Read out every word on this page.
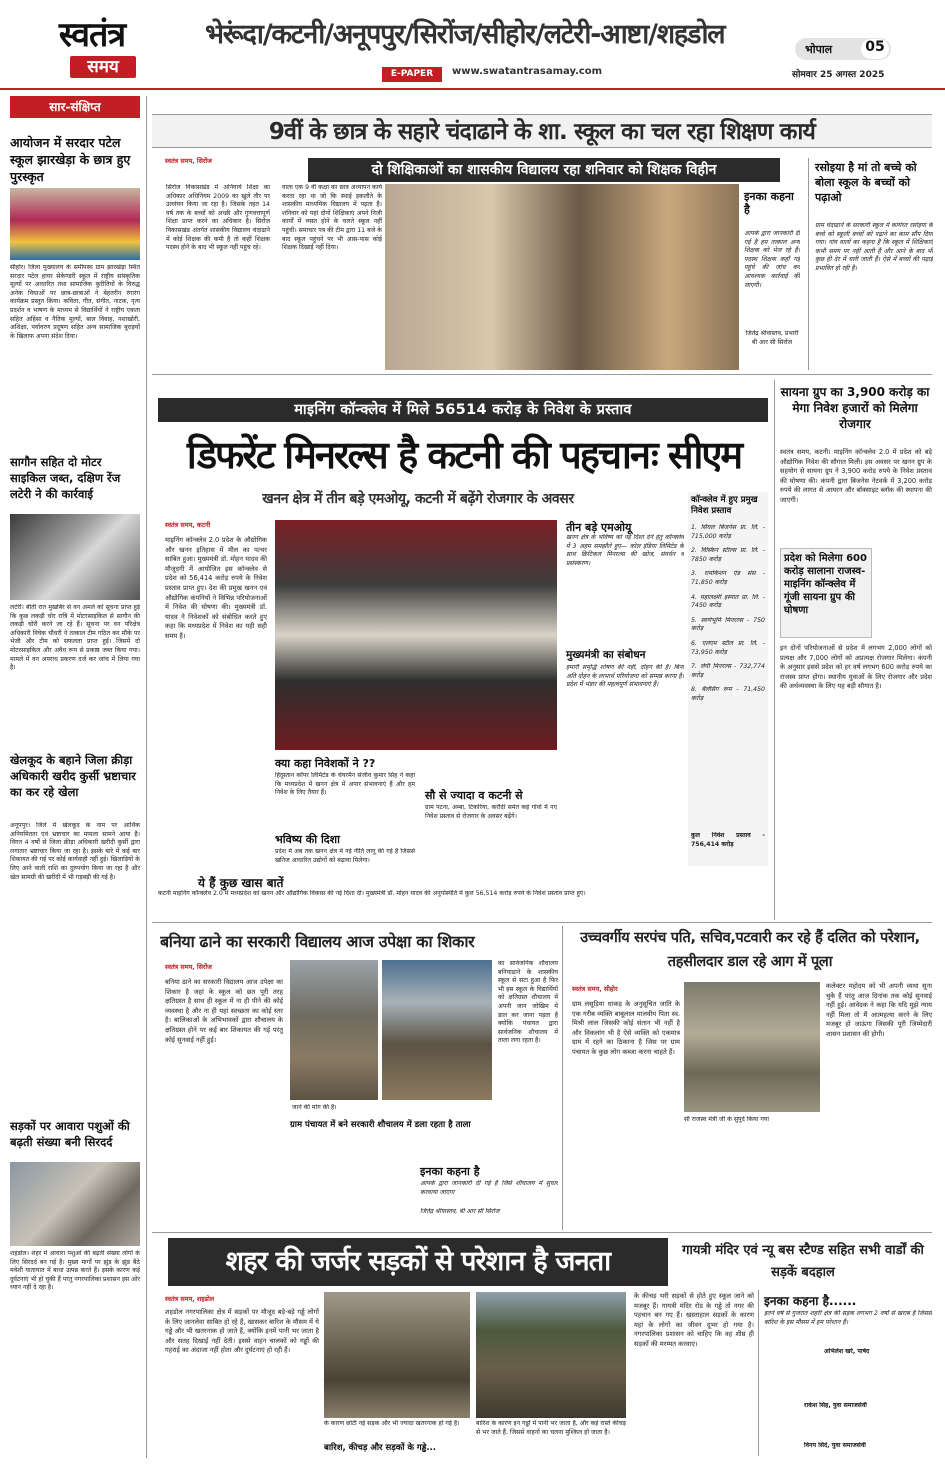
स्वतंत्र
समय
भेरूंदा/कटनी/अनूपपुर/सिरोंज/सीहोर/लटेरी-आष्टा/शहडोल
E-PAPER	www.swatantrasamay.com
भोपाल	05
सोमवार 25 अगस्त 2025
सार-संक्षिप्त
आयोजन में सरदार पटेल स्कूल झारखेड़ा के छात्र हुए पुरस्कृत
सीहोर। जिला मुख्यालय के समीपस्थ ग्राम झारखेड़ा स्थित सरदार पटेल हायर सेकेण्डरी स्कूल में राष्ट्रीय सांस्कृतिक मूल्यों पर आधारित तथा सामाजिक कुरीतियों के विरुद्ध अनेक विधाओं पर छात्र-छात्राओं ने बेहतरीन रंगारंग कार्यक्रम प्रस्तुत किया। कविता, गीत, संगीत, नाटक, नृत्य प्रदर्शन व भाषण के माध्यम से विद्यार्थियों ने राष्ट्रीय एकता सहित अहिंसा व नैतिक मूल्यों, बाल विवाह, नशाखोरी, अशिक्षा, पर्यावरण प्रदूषण सहित अन्य सामाजिक बुराइयों के खिलाफ अपना संदेश दिया।
सागौन सहित दो मोटर साइकिल जब्त, दक्षिण रेंज लटेरी ने की कार्रवाई
लटेरी। बीती रात मुखबिर से वन अमले को सूचना प्राप्त हुई कि कुछ लकड़ी चोर रात्रि में मोटरसाइकिल से सागौन की लकड़ी चोरी करने जा रहे हैं। सूचना पर वन परिक्षेत्र अधिकारी विवेक चौधरी ने तत्काल टीम गठित कर मौके पर भेजी और टीम को सफलता प्राप्त हुई। जिसमें दो मोटरसाइकिल और अवैध रूप से प्रकाष्ठ जब्त किया गया। मामले में वन अपराध प्रकरण दर्ज कर जांच में लिया गया है।
खेलकूद के बहाने जिला क्रीड़ा अधिकारी खरीद कुर्सी भ्रष्टाचार का कर रहे खेला
अनूपपुर। जिले में खेलकूद के नाम पर आर्थिक अनियमितता एवं भ्रष्टाचार का मामला सामने आया है। विगत 4 वर्षों से जिला क्रीड़ा अधिकारी खरीदी कुर्सी द्वारा लगातार भ्रष्टाचार किया जा रहा है। इसके बारे में कई बार शिकायत की गई पर कोई कार्यवाही नहीं हुई। खिलाड़ियों के लिए आने वाली राशि का दुरुपयोग किया जा रहा है और खेल सामग्री की खरीदी में भी गड़बड़ी की गई है।
सड़कों पर आवारा पशुओं की बढ़ती संख्या बनी सिरदर्द
शहडोल। शहर में आवारा पशुओं की बढ़ती संख्या लोगों के लिए सिरदर्द बन गई है। मुख्य मार्गों पर झुंड के झुंड बैठे मवेशी यातायात में बाधा उत्पन्न करते हैं। इसके कारण कई दुर्घटनाएं भी हो चुकी हैं परंतु नगरपालिका प्रशासन इस ओर ध्यान नहीं दे रहा है।
9वीं के छात्र के सहारे चंदाढाने के शा. स्कूल का चल रहा शिक्षण कार्य
स्वतंत्र समय, सिरोंज
दो शिक्षिकाओं का शासकीय विद्यालय रहा शनिवार को शिक्षक विहीन
सिरोंज विकासखंड में अनिवार्य शिक्षा का अधिकार अधिनियम 2009 का खुले तौर पर उल्लंघन किया जा रहा है। जिसके तहत 14 वर्ष तक के बच्चों को अच्छी और गुणवत्तापूर्ण शिक्षा प्राप्त करने का अधिकार है। सिरोंज विकासखंड अंतर्गत शासकीय विद्यालय चंदाढाने में कोई शिक्षक की कमी है तो कहीं शिक्षक पदस्थ होने के बाद भी स्कूल नहीं पहुंच रहे।
वाला एक 9 वीं कक्षा का छात्र अध्यापन कार्य करता रहा था जो कि स्थाई इकलौते के शासकीय माध्यमिक विद्यालय में पढ़ता है। शनिवार को यहां दोनों शिक्षिकाएं अपने निजी कार्यों में व्यस्त होने के चलते स्कूल नहीं पहुंची। समाचार पत्र की टीम द्वारा 11 बजे के बाद स्कूल पहुंचने पर भी आस-पास कोई शिक्षक दिखाई नहीं दिया।
इनका कहना है
आपके द्वारा जानकारी दी गई है हम तत्काल अन्य शिक्षक को भेज रहे हैं। पदस्थ शिक्षक कहाँ गईं पहुंचे की जांच कर आवश्यक कार्रवाई की जाएगी।
जितेंद्र श्रीवास्तव, प्रभारी बी आर सी सिरोंज
रसोइया है मां तो बच्चे को बोला स्कूल के बच्चों को पढ़ाओ
ग्राम चंदाढाने के सरकारी स्कूल में कार्यरत रसोइया के बच्चे को स्कूली बच्चों को पढ़ाने का काम सौंप दिया गया। गांव वालों का कहना है कि स्कूल में शिक्षिकाएं कभी समय पर नहीं आती हैं और आने के बाद भी कुछ ही देर में चली जाती हैं। ऐसे में बच्चों की पढ़ाई प्रभावित हो रही है।
माइनिंग कॉन्क्लेव में मिले 56514 करोड़ के निवेश के प्रस्ताव
डिफरेंट मिनरल्स है कटनी की पहचानः सीएम
खनन क्षेत्र में तीन बड़े एमओयू, कटनी में बढ़ेंगे रोजगार के अवसर
स्वतंत्र समय, कटनी
माइनिंग कॉन्क्लेव 2.0 प्रदेश के औद्योगिक और खनन इतिहास में मील का पत्थर साबित हुआ। मुख्यमंत्री डॉ. मोहन यादव की मौजूदगी में आयोजित इस कॉन्क्लेव से प्रदेश को 56,414 करोड़ रुपये के निवेश प्रस्ताव प्राप्त हुए। देश की प्रमुख खनन एवं औद्योगिक कंपनियों ने विभिन्न परियोजनाओं में निवेश की घोषणा की। मुख्यमंत्री डॉ. यादव ने निवेशकों को संबोधित करते हुए कहा कि मध्यप्रदेश में निवेश का यही सही समय है।
क्या कहा निवेशकों ने ??
हिंदुस्तान कॉपर लिमिटेड के चेयरमैन संजीव कुमार सिंह ने कहा कि मध्यप्रदेश में खनन क्षेत्र में अपार संभावनाएं हैं और हम निवेश के लिए तैयार हैं।
भविष्य की दिशा
प्रदेश में अब तक खनन क्षेत्र में नई नीति लागू की गई है जिससे खनिज आधारित उद्योगों को बढ़ावा मिलेगा।
सौ से ज्यादा व कटनी से
ग्राम पटना, अम्बा, टिकरिया, करौंदी समेत कई गांवों में नए निवेश प्रस्ताव से रोजगार के अवसर बढ़ेंगे।
तीन बड़े एमओयू
खनन क्षेत्र के भविष्य को नई दिशा देने हेतु कॉन्क्लेव में 3 अहम समझौते हुए— कोल इंडिया लिमिटेड के साथ क्रिटिकल मिनरल्स की खोज, संवर्धन व प्रसंस्करण।
मुख्यमंत्री का संबोधन
हमारी समृद्धि शोषण की नहीं, दोहन की है। बिना अति दोहन के लाभार्थ परियोजना को सम्पन्न करना है। प्रदेश में भंडार की महत्वपूर्ण संभावनाएं हैं।
कॉन्क्लेव में हुए प्रमुख निवेश प्रस्ताव
1. सिंघल बिजनेस प्रा. लि. - 715,000 करोड़
2. विस्किन स्टील्स प्रा. लि. - 7850 करोड़
3. रामकिशन एंड संस - 71,850 करोड़
4. महालक्ष्मी इस्पात प्रा. लि. - 7450 करोड़
5. स्वर्णभूमि मिनरल्स - 750 करोड़
6. एलएम स्टील प्रा. लि. - 73,950 करोड़
7. जेपी मिनरल्स - 732,774 करोड़
8. बैलेंसिंग रूम - 71,450 करोड़
कुल निवेश प्रस्ताव - 756,414 करोड़
ये हैं कुछ खास बातें
कटनी माइनिंग कॉन्क्लेव 2.0 में मध्यप्रदेश को खनन और औद्योगिक विकास की नई दिशा दी। मुख्यमंत्री डॉ. मोहन यादव की अनुपस्थिति में कुल 56,514 करोड़ रुपये के निवेश प्रस्ताव प्राप्त हुए।
सायना ग्रुप का 3,900 करोड़ का मेगा निवेश हजारों को मिलेगा रोजगार
स्वतंत्र समय, कटनी। माइनिंग कॉन्क्लेव 2.0 में प्रदेश को बड़े औद्योगिक निवेश की सौगात मिली। इस अवसर पर खनन ग्रुप के सहयोग से सायना ग्रुप ने 3,900 करोड़ रुपये के निवेश प्रस्ताव की घोषणा की। कंपनी द्वारा बिजनेस नेटवर्क में 3,200 करोड़ रुपये की लागत से आयरन और बॉक्साइट ब्लॉक की स्थापना की जाएगी।
प्रदेश को मिलेगा 600 करोड़ सालाना राजस्व-माइनिंग कॉन्क्लेव में गूंजी सायना ग्रुप की घोषणा
इन दोनों परियोजनाओं से प्रदेश में लगभग 2,000 लोगों को प्रत्यक्ष और 7,000 लोगों को अप्रत्यक्ष रोजगार मिलेगा। कंपनी के अनुसार इससे प्रदेश को हर वर्ष लगभग 600 करोड़ रुपये का राजस्व प्राप्त होगा। स्थानीय युवाओं के लिए रोजगार और प्रदेश की अर्थव्यवस्था के लिए यह बड़ी सौगात है।
बनिया ढाने का सरकारी विद्यालय आज उपेक्षा का शिकार
स्वतंत्र समय, सिरोंज
बनिया ढाने का सरकारी विद्यालय आज उपेक्षा का शिकार है जहां के स्कूल को छत पूरी तरह क्षतिग्रस्त है साथ ही स्कूल में ना ही पीने की कोई व्यवस्था है और ना ही यहां स्वच्छता का कोई स्तर है। बालिकाओं के अभिभावकों द्वारा शौचालय के क्षतिग्रस्त होने पर कई बार शिकायत की गई परंतु कोई सुनवाई नहीं हुई।
जाने की मांग की है।
ग्राम पंचायत में बने सरकारी शौचालय में डला रहता है ताला
का सार्वजनिक शौचालय बनियाढाने के शासकीय स्कूल से सटा हुआ है फिर भी इस स्कूल के विद्यार्थियों को क्षतिग्रस्त शौचालय में अपनी जान जोखिम में डाल कर जाना पड़ता है क्योंकि पंचायत द्वारा सार्वजनिक शौचालय में ताला लगा रहता है।
इनका कहना है
आपके द्वारा जानकारी दी गई है जिसे शौचालय में सुधार करवाया जाएगा
जितेंद्र श्रीवास्तव, बी आर सी सिरोंज
उच्चवर्गीय सरपंच पति, सचिव,पटवारी कर रहे हैं दलित को परेशान, तहसीलदार डाल रहे आग में पूला
स्वतंत्र समय, सीहोर
ग्राम लसूड़िया धाकड़ के अनुसूचित जाति के एक गरीब व्यक्ति बाबूलाल मालवीय पिता स्व. मिश्री लाल जिसकी कोई संतान भी नहीं है और विकलांग भी है ऐसे व्यक्ति को एकमात्र ग्राम में रहने का ठिकाना है जिस पर ग्राम पंचायत के कुछ लोग कब्जा करना चाहते हैं।
सी राजस्व मंत्री जी के सुपुर्द किया गया
कलेक्टर महोदय को भी अपनी व्यथा सुना चुके हैं परंतु आज दिनांक तक कोई सुनवाई नहीं हुई। आवेदक ने कहा कि यदि मुझे न्याय नहीं मिला तो मैं आत्महत्या करने के लिए मजबूर हो जाऊंगा जिसकी पूरी जिम्मेदारी शासन प्रशासन की होगी।
शहर की जर्जर सड़कों से परेशान है जनता	गायत्री मंदिर एवं न्यू बस स्टैण्ड सहित सभी वार्डों की सड़कें बदहाल
स्वतंत्र समय, शहडोल
शहडोल नगरपालिका क्षेत्र में सड़कों पर मौजूद बड़े-बड़े गड्ढे लोगों के लिए जानलेवा साबित हो रहे हैं, खासकर बारिश के मौसम में ये गड्ढे और भी खतरनाक हो जाते हैं, क्योंकि इनमें पानी भर जाता है और सतह दिखाई नहीं देती। इससे वाहन चालकों को गड्ढों की गहराई का अंदाजा नहीं होता और दुर्घटनाएं हो रही हैं।
के कारण छोटी नई सड़क और भी ज्यादा खतरनाक हो गई है।	बारिश के कारण इन गड्ढों में पानी भर जाता है, और कई रास्ते कीचड़ से भर जाते हैं, जिससे वाहनों का चलना मुश्किल हो जाता है।
बारिश, कीचड़ और सड़कों के गड्ढे...
के कीचड़ भरी सड़कों से होते हुए स्कूल जाने को मजबूर हैं। गायत्री मंदिर रोड के गड्ढे तो नगर की पहचान बन गए हैं। खस्ताहाल सड़कों के कारण यहां के लोगों का जीवन दूभर हो गया है। नगरपालिका प्रशासन को चाहिए कि वह शीघ्र ही सड़कों की मरम्मत करवाए।
इनका कहना है......
इतने वर्ष से गुजरात शहरी क्षेत्र की सड़क लगभग 2 वर्षों से खराब है जिससे बारिश के इस मौसम में हम परेशान हैं।
अभिलेश खरे, पार्षद
राकेश सिंह, युवा समाजसेवी
विनय सिंदे, युवा समाजसेवी
